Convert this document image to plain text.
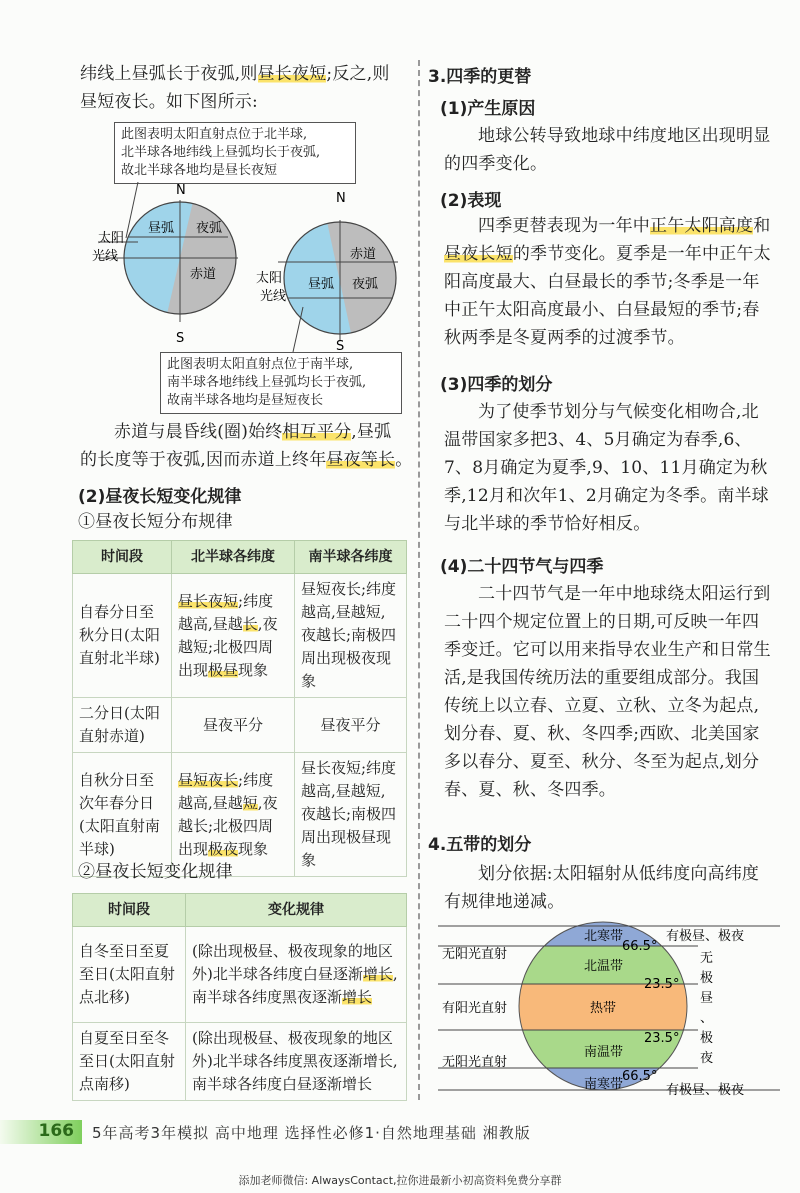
纬线上昼弧长于夜弧,则昼长夜短;反之,则
昼短夜长。如下图所示:
此图表明太阳直射点位于北半球,
北半球各地纬线上昼弧均长于夜弧,
故北半球各地均是昼长夜短
N
S
昼弧 夜弧
赤道
太阳
光线
N
S
赤道
昼弧 夜弧
太阳
光线
此图表明太阳直射点位于南半球,
南半球各地纬线上昼弧均长于夜弧,
故南半球各地均是昼短夜长
赤道与晨昏线(圈)始终相互平分,昼弧
的长度等于夜弧,因而赤道上终年昼夜等长。
(2)昼夜长短变化规律
①昼夜长短分布规律
时间段	北半球各纬度	南半球各纬度
自春分日至秋分日(太阳直射北半球)	昼长夜短;纬度越高,昼越长,夜越短;北极四周出现极昼现象	昼短夜长;纬度越高,昼越短,夜越长;南极四周出现极夜现象
二分日(太阳直射赤道)	昼夜平分	昼夜平分
自秋分日至次年春分日(太阳直射南半球)	昼短夜长;纬度越高,昼越短,夜越长;北极四周出现极夜现象	昼长夜短;纬度越高,昼越短,夜越长;南极四周出现极昼现象
②昼夜长短变化规律
时间段	变化规律
自冬至日至夏至日(太阳直射点北移)	(除出现极昼、极夜现象的地区外)北半球各纬度白昼逐渐增长,南半球各纬度黑夜逐渐增长
自夏至日至冬至日(太阳直射点南移)	(除出现极昼、极夜现象的地区外)北半球各纬度黑夜逐渐增长,南半球各纬度白昼逐渐增长
3.四季的更替
(1)产生原因
地球公转导致地球中纬度地区出现明显的四季变化。
(2)表现
四季更替表现为一年中正午太阳高度和昼夜长短的季节变化。夏季是一年中正午太阳高度最大、白昼最长的季节;冬季是一年中正午太阳高度最小、白昼最短的季节;春秋两季是冬夏两季的过渡季节。
(3)四季的划分
为了使季节划分与气候变化相吻合,北温带国家多把3、4、5月确定为春季,6、7、8月确定为夏季,9、10、11月确定为秋季,12月和次年1、2月确定为冬季。南半球与北半球的季节恰好相反。
(4)二十四节气与四季
二十四节气是一年中地球绕太阳运行到二十四个规定位置上的日期,可反映一年四季变迁。它可以用来指导农业生产和日常生活,是我国传统历法的重要组成部分。我国传统上以立春、立夏、立秋、立冬为起点,划分春、夏、秋、冬四季;西欧、北美国家多以春分、夏至、秋分、冬至为起点,划分春、夏、秋、冬四季。
4.五带的划分
划分依据:太阳辐射从低纬度向高纬度有规律地递减。
北寒带
北温带
热带
南温带
南寒带
66.5°
23.5°
23.5°
66.5°
无阳光直射
有阳光直射
无阳光直射
有极昼、极夜
有极昼、极夜
无
极
昼
、
极
夜
166 5年高考3年模拟 高中地理 选择性必修1·自然地理基础 湘教版
添加老师微信: AlwaysContact,拉你进最新小初高资料免费分享群
